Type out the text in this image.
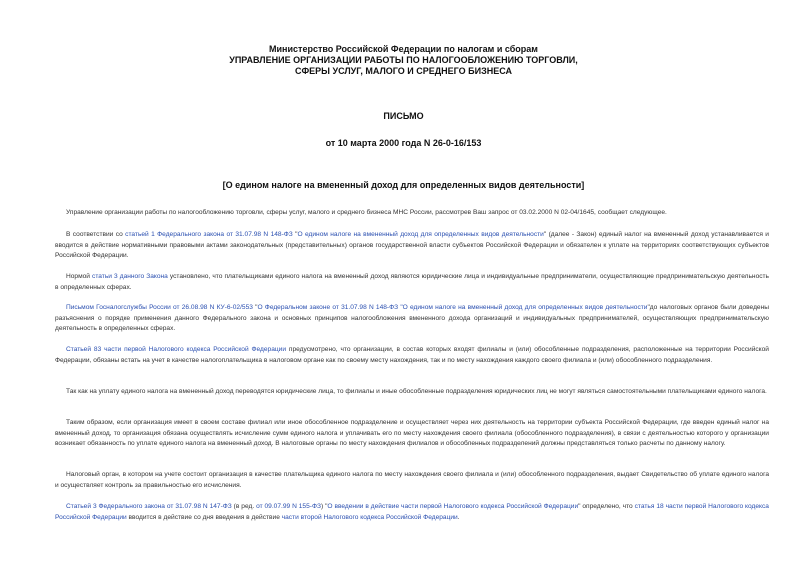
Министерство Российской Федерации по налогам и сборам
УПРАВЛЕНИЕ ОРГАНИЗАЦИИ РАБОТЫ ПО НАЛОГООБЛОЖЕНИЮ ТОРГОВЛИ,
СФЕРЫ УСЛУГ, МАЛОГО И СРЕДНЕГО БИЗНЕСА
ПИСЬМО
от 10 марта 2000 года N 26-0-16/153
[О едином налоге на вмененный доход для определенных видов деятельности]
Управление организации работы по налогообложению торговли, сферы услуг, малого и среднего бизнеса МНС России, рассмотрев Ваш запрос от 03.02.2000 N 02-04/1645, сообщает следующее.
В соответствии со статьей 1 Федерального закона от 31.07.98 N 148-ФЗ "О едином налоге на вмененный доход для определенных видов деятельности" (далее - Закон) единый налог на вмененный доход устанавливается и вводится в действие нормативными правовыми актами законодательных (представительных) органов государственной власти субъектов Российской Федерации и обязателен к уплате на территориях соответствующих субъектов Российской Федерации.
Нормой статьи 3 данного Закона установлено, что плательщиками единого налога на вмененный доход являются юридические лица и индивидуальные предприниматели, осуществляющие предпринимательскую деятельность в определенных сферах.
Письмом Госналогслужбы России от 26.08.98 N КУ-6-02/553 "О Федеральном законе от 31.07.98 N 148-ФЗ "О едином налоге на вмененный доход для определенных видов деятельности"до налоговых органов были доведены разъяснения о порядке применения данного Федерального закона и основных принципов налогообложения вмененного дохода организаций и индивидуальных предпринимателей, осуществляющих предпринимательскую деятельность в определенных сферах.
Статьей 83 части первой Налогового кодекса Российской Федерации предусмотрено, что организации, в состав которых входят филиалы и (или) обособленные подразделения, расположенные на территории Российской Федерации, обязаны встать на учет в качестве налогоплательщика в налоговом органе как по своему месту нахождения, так и по месту нахождения каждого своего филиала и (или) обособленного подразделения.
Так как на уплату единого налога на вмененный доход переводятся юридические лица, то филиалы и иные обособленные подразделения юридических лиц не могут являться самостоятельными плательщиками единого налога.
Таким образом, если организация имеет в своем составе филиал или иное обособленное подразделение и осуществляет через них деятельность на территории субъекта Российской Федерации, где введен единый налог на вмененный доход, то организация обязана осуществлять исчисление сумм единого налога и уплачивать его по месту нахождения своего филиала (обособленного подразделения), в связи с деятельностью которого у организации возникает обязанность по уплате единого налога на вмененный доход. В налоговые органы по месту нахождения филиалов и обособленных подразделений должны представляться только расчеты по данному налогу.
Налоговый орган, в котором на учете состоит организация в качестве плательщика единого налога по месту нахождения своего филиала и (или) обособленного подразделения, выдает Свидетельство об уплате единого налога и осуществляет контроль за правильностью его исчисления.
Статьей 3 Федерального закона от 31.07.98 N 147-ФЗ (в ред. от 09.07.99 N 155-ФЗ) "О введении в действие части первой Налогового кодекса Российской Федерации" определено, что статья 18 части первой Налогового кодекса Российской Федерации вводится в действие со дня введения в действие части второй Налогового кодекса Российской Федерации.
